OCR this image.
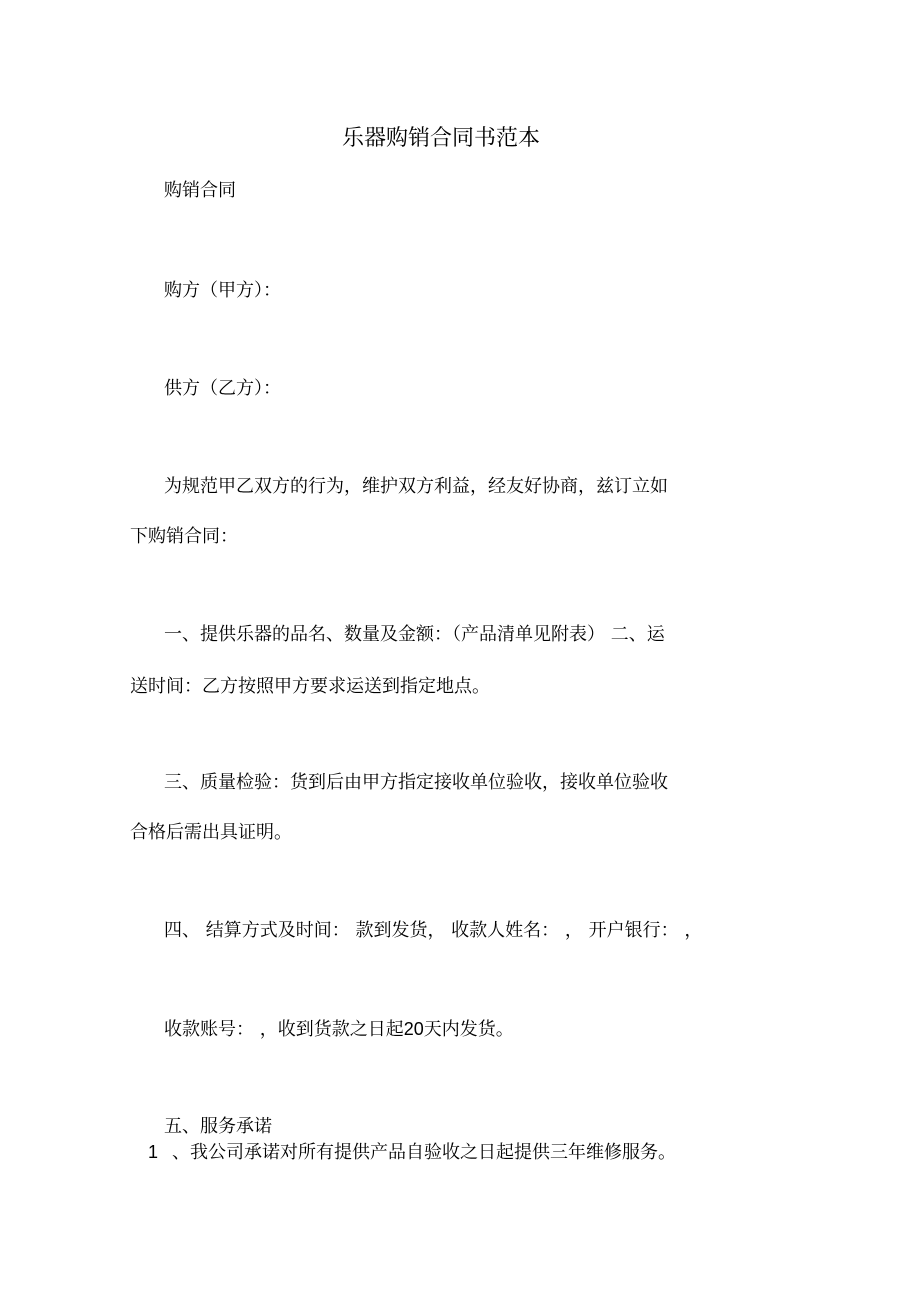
乐器购销合同书范本
购销合同
购方（甲方）：
供方（乙方）：
为规范甲乙双方的行为，维护双方利益，经友好协商，兹订立如
下购销合同：
一、提供乐器的品名、数量及金额：（产品清单见附表） 二、运
送时间：乙方按照甲方要求运送到指定地点。
三、质量检验：货到后由甲方指定接收单位验收，接收单位验收
合格后需出具证明。
四、 结算方式及时间： 款到发货， 收款人姓名： ， 开户银行： ，
收款账号： ，收到货款之日起20天内发货。
五、服务承诺
1 、我公司承诺对所有提供产品自验收之日起提供三年维修服务。
